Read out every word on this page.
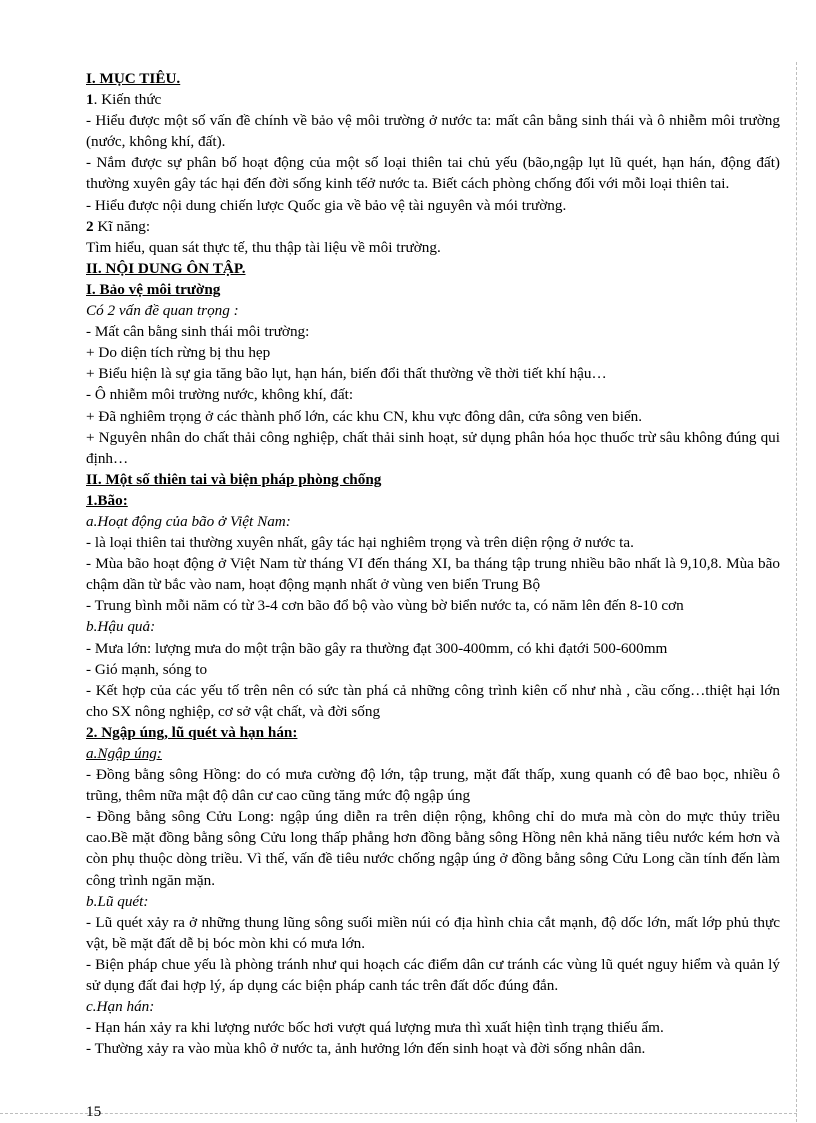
I. MỤC TIÊU.

1. Kiến thức

- Hiểu được một số vấn đề chính về bảo vệ môi trường ở nước ta: mất cân bằng sinh thái và ô nhiễm môi trường (nước, không khí, đất).

- Nắm được sự phân bố hoạt động của một số loại thiên tai chủ yếu (bão,ngập lụt lũ quét, hạn hán, động đất) thường xuyên gây tác hại đến đời sống kinh tếở nước ta. Biết cách phòng chống đối với mỗi loại thiên tai.

- Hiểu được nội dung chiến lược Quốc gia về bảo vệ tài nguyên và mói trường.

2 Kĩ năng:

Tìm hiểu, quan sát thực tế, thu thập tài liệu về môi trường.

II. NỘI DUNG ÔN TẬP.

I. Bảo vệ môi trường

Có 2 vấn đề quan trọng :

- Mất cân bằng sinh thái môi trường:

+ Do diện tích rừng bị thu hẹp

+ Biểu hiện là sự gia tăng bão lụt, hạn hán, biến đổi thất thường về thời tiết khí hậu…

- Ô nhiễm môi trường nước, không khí, đất:

+ Đã nghiêm trọng ở các thành phố lớn, các khu CN, khu vực đông dân, cửa sông ven biển.

+ Nguyên nhân do chất thải công nghiệp, chất thải sinh hoạt, sử dụng phân hóa học thuốc trừ sâu không đúng qui định…

II. Một số thiên tai và biện pháp phòng chống

1.Bão:

a.Hoạt động của bão ở Việt Nam:

- là loại thiên tai thường xuyên nhất, gây tác hại nghiêm trọng và trên diện rộng ở nước ta.

- Mùa bão hoạt động ở Việt Nam từ tháng VI đến tháng XI, ba tháng tập trung nhiều bão nhất là 9,10,8. Mùa bão chậm dần từ bắc vào nam, hoạt động mạnh nhất ở vùng ven biển Trung Bộ

- Trung bình mỗi năm có từ 3-4 cơn bão đổ bộ vào vùng bờ biển nước ta, có năm lên đến 8-10 cơn

b.Hậu quả:

- Mưa lớn: lượng mưa do một trận bão gây ra thường đạt 300-400mm, có khi đạtới 500-600mm

- Gió mạnh, sóng to

- Kết hợp của các yếu tố trên nên có sức tàn phá cả những công trình kiên cố như nhà , cầu cống…thiệt hại lớn cho SX nông nghiệp, cơ sở vật chất, và đời sống

2. Ngập úng, lũ quét và hạn hán:

a.Ngập úng:

- Đồng bằng sông Hồng: do có mưa cường độ lớn, tập trung, mặt đất thấp, xung quanh có đê bao bọc, nhiều ô trũng, thêm nữa mật độ dân cư cao cũng tăng mức độ ngập úng

- Đồng bằng sông Cửu Long: ngập úng diễn ra trên diện rộng, không chỉ do mưa mà còn do mực thủy triều cao.Bề mặt đồng bằng sông Cửu long thấp phẳng hơn đồng bằng sông Hồng nên khả năng tiêu nước kém hơn và còn phụ thuộc dòng triều. Vì thế, vấn đề tiêu nước chống ngập úng ở đồng bằng sông Cửu Long cần tính đến làm công trình ngăn mặn.

b.Lũ quét:

- Lũ quét xảy ra ở những thung lũng sông suối miền núi có địa hình chia cắt mạnh, độ dốc lớn, mất lớp phủ thực vật, bề mặt đất dễ bị bóc mòn khi có mưa lớn.

- Biện pháp chue yếu là phòng tránh như qui hoạch các điểm dân cư tránh các vùng lũ quét nguy hiểm và quản lý sử dụng đất đai hợp lý, áp dụng các biện pháp canh tác trên đất dốc đúng đắn.

c.Hạn hán:

- Hạn hán xảy ra khi lượng nước bốc hơi vượt quá lượng mưa thì xuất hiện tình trạng thiếu ẩm.

- Thường xảy ra vào mùa khô ở nước ta, ảnh hưởng lớn đến sinh hoạt và đời sống nhân dân.

15
